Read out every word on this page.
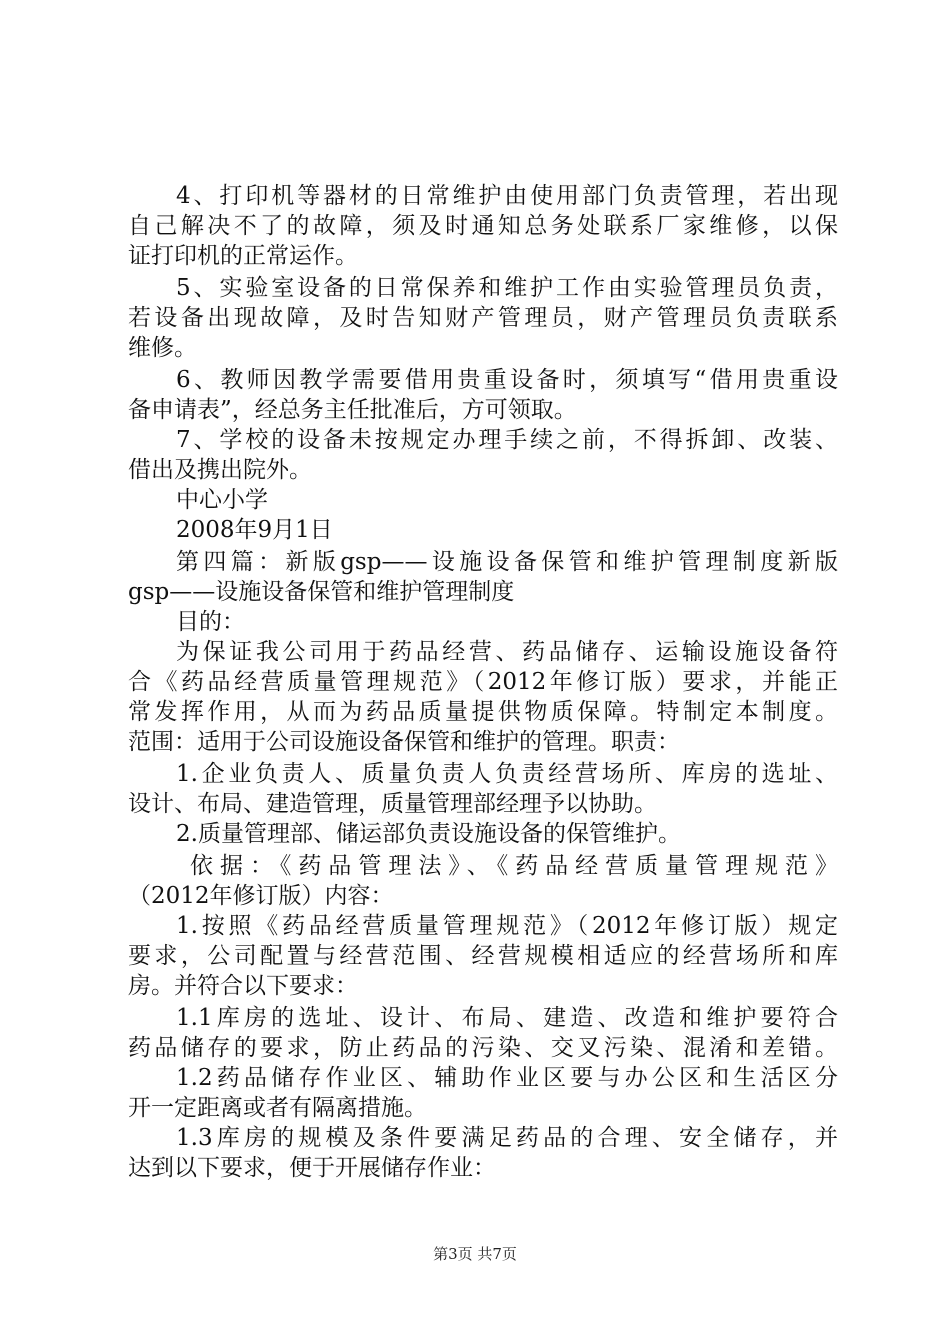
4、打印机等器材的日常维护由使用部门负责管理，若出现
自己解决不了的故障，须及时通知总务处联系厂家维修，以保
证打印机的正常运作。
5、实验室设备的日常保养和维护工作由实验管理员负责，
若设备出现故障，及时告知财产管理员，财产管理员负责联系
维修。
6、教师因教学需要借用贵重设备时，须填写“借用贵重设
备申请表”，经总务主任批准后，方可领取。
7、学校的设备未按规定办理手续之前，不得拆卸、改装、
借出及携出院外。
中心小学
2008年9月1日
第四篇：新版gsp——设施设备保管和维护管理制度新版
gsp——设施设备保管和维护管理制度
目的：
为保证我公司用于药品经营、药品储存、运输设施设备符
合《药品经营质量管理规范》（2012年修订版）要求，并能正
常发挥作用，从而为药品质量提供物质保障。特制定本制度。
范围：适用于公司设施设备保管和维护的管理。职责：
1.企业负责人、质量负责人负责经营场所、库房的选址、
设计、布局、建造管理，质量管理部经理予以协助。
2.质量管理部、储运部负责设施设备的保管维护。
依据：《药品管理法》、《药品经营质量管理规范》
（2012年修订版）内容：
1.按照《药品经营质量管理规范》（2012年修订版）规定
要求，公司配置与经营范围、经营规模相适应的经营场所和库
房。并符合以下要求：
1.1库房的选址、设计、布局、建造、改造和维护要符合
药品储存的要求，防止药品的污染、交叉污染、混淆和差错。
1.2药品储存作业区、辅助作业区要与办公区和生活区分
开一定距离或者有隔离措施。
1.3库房的规模及条件要满足药品的合理、安全储存，并
达到以下要求，便于开展储存作业：
第3页 共7页
